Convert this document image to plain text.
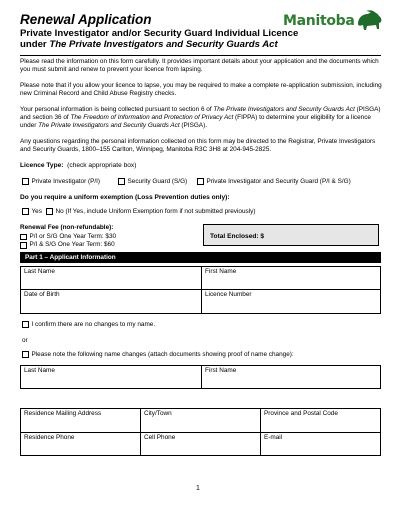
Renewal Application
Private Investigator and/or Security Guard Individual Licence
under The Private Investigators and Security Guards Act
Manitoba
Please read the information on this form carefully. It provides important details about your application and the documents which you must submit and renew to prevent your licence from lapsing.
Please note that if you allow your licence to lapse, you may be required to make a complete re-application submission, including new Criminal Record and Child Abuse Registry checks.
Your personal information is being collected pursuant to section 6 of The Private Investigators and Security Guards Act (PISGA) and section 36 of The Freedom of Information and Protection of Privacy Act (FIPPA) to determine your eligibility for a licence under The Private Investigators and Security Guards Act (PISGA).
Any questions regarding the personal information collected on this form may be directed to the Registrar, Private Investigators and Security Guards, 1800–155 Carlton, Winnipeg, Manitoba R3C 3H8 at 204-945-2825.
Licence Type: (check appropriate box)
Private Investigator (P/I)	Security Guard (S/G)	Private Investigator and Security Guard (P/I & S/G)
Do you require a uniform exemption (Loss Prevention duties only):
Yes No (If Yes, include Uniform Exemption form if not submitted previously)
Renewal Fee (non-refundable):
P/I or S/G One Year Term: $30
P/I & S/G One Year Term: $60
Total Enclosed: $
Part 1 – Applicant Information
Last Name	First Name
Date of Birth	Licence Number
I confirm there are no changes to my name.
or
Please note the following name changes (attach documents showing proof of name change):
Last Name	First Name
Residence Mailing Address	City/Town	Province and Postal Code
Residence Phone	Cell Phone	E-mail
1
